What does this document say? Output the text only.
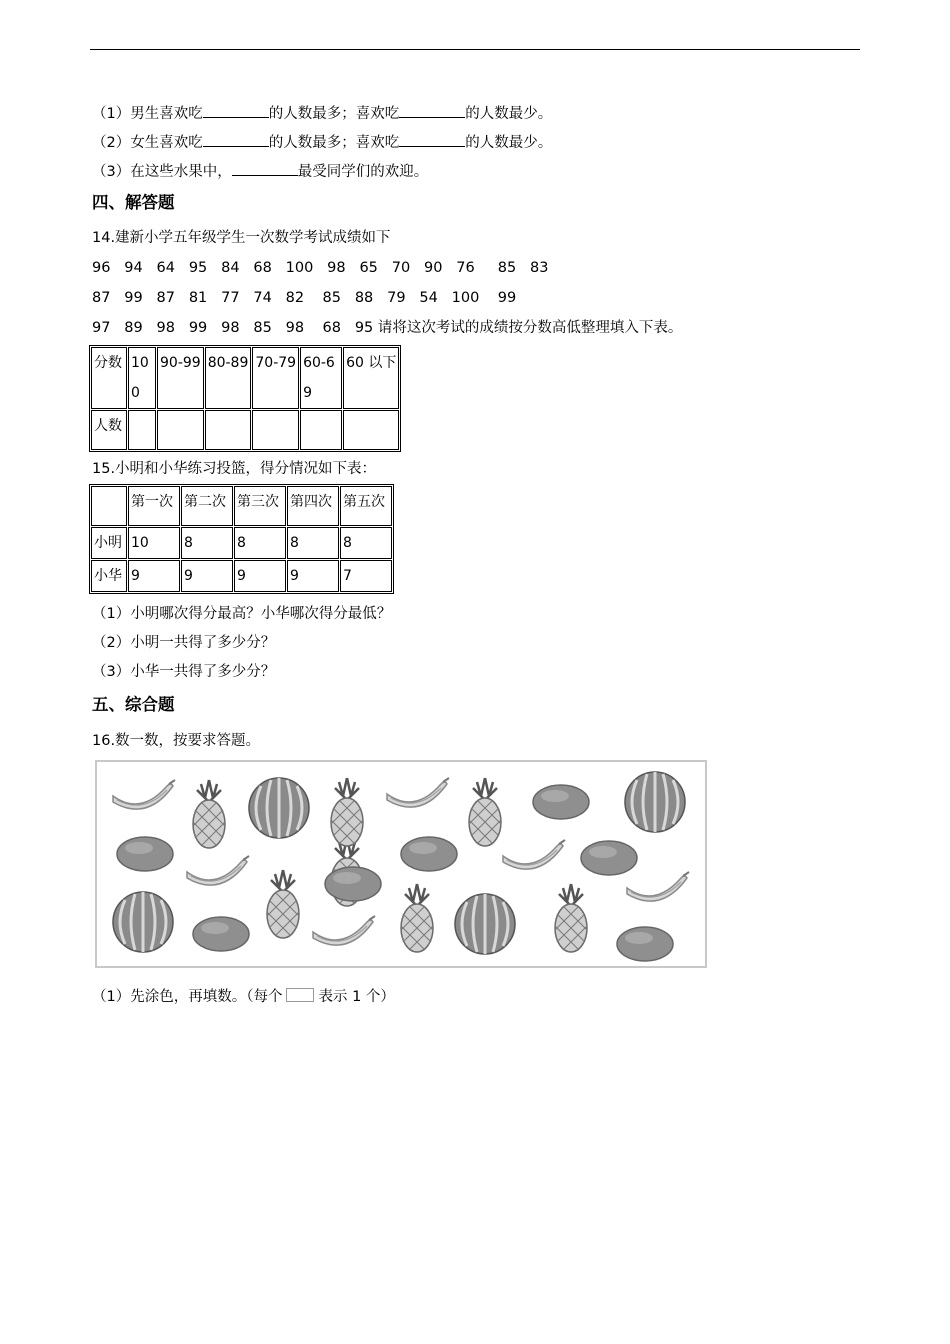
（1）男生喜欢吃	的人数最多；喜欢吃	的人数最少。
（2）女生喜欢吃	的人数最多；喜欢吃	的人数最少。
（3）在这些水果中，	最受同学们的欢迎。
四、解答题
14.建新小学五年级学生一次数学考试成绩如下
96   94   64   95   84   68   100   98   65   70   90   76     85   83
87   99   87   81   77   74   82    85   88   79   54   100    99
97   89   98   99   98   85   98    68   95 请将这次考试的成绩按分数高低整理填入下表。
分数	100	90-99	80-89	70-79	60-69	60 以下
人数						
15.小明和小华练习投篮，得分情况如下表：
	第一次	第二次	第三次	第四次	第五次
小明	10	8	8	8	8
小华	9	9	9	9	7
（1）小明哪次得分最高？小华哪次得分最低？
（2）小明一共得了多少分？
（3）小华一共得了多少分？
五、综合题
16.数一数，按要求答题。
（1）先涂色，再填数。（每个 表示 1 个）
